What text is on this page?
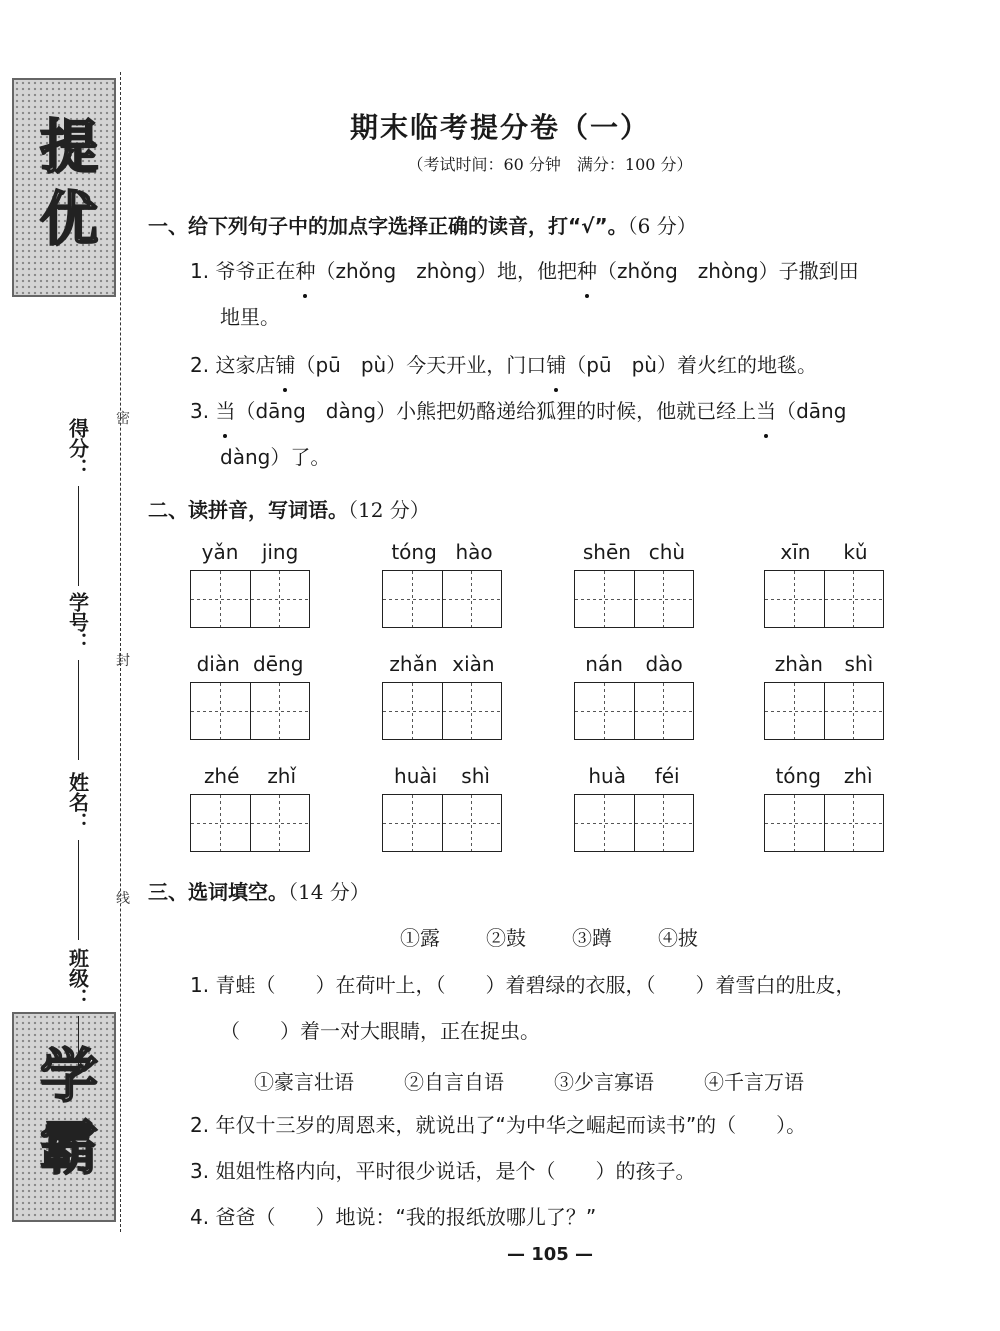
提优
学霸
密
封
线
得分：
学号：
姓名：
班级：
期末临考提分卷（一）
（考试时间：60 分钟　满分：100 分）
一、给下列句子中的加点字选择正确的读音，打“√”。（6 分）
1. 爷爷正在种（zhǒng　zhòng）地，他把种（zhǒng　zhòng）子撒到田
地里。
2. 这家店铺（pū　pù）今天开业，门口铺（pū　pù）着火红的地毯。
3. 当（dāng　dàng）小熊把奶酪递给狐狸的时候，他就已经上当（dāng
dàng）了。
二、读拼音，写词语。（12 分）
yǎn jing	tóng hào	shēn chù	xīn kǔ
diàn dēng	zhǎn xiàn	nán dào	zhàn shì
zhé zhǐ	huài shì	huà féi	tóng zhì
三、选词填空。（14 分）
①露 ②鼓 ③蹲 ④披
1. 青蛙（　　）在荷叶上，（　　）着碧绿的衣服，（　　）着雪白的肚皮，
（　　）着一对大眼睛，正在捉虫。
①豪言壮语	②自言自语	③少言寡语	④千言万语
2. 年仅十三岁的周恩来，就说出了“为中华之崛起而读书”的（　　）。
3. 姐姐性格内向，平时很少说话，是个（　　）的孩子。
4. 爸爸（　　）地说：“我的报纸放哪儿了？”
— 105 —
